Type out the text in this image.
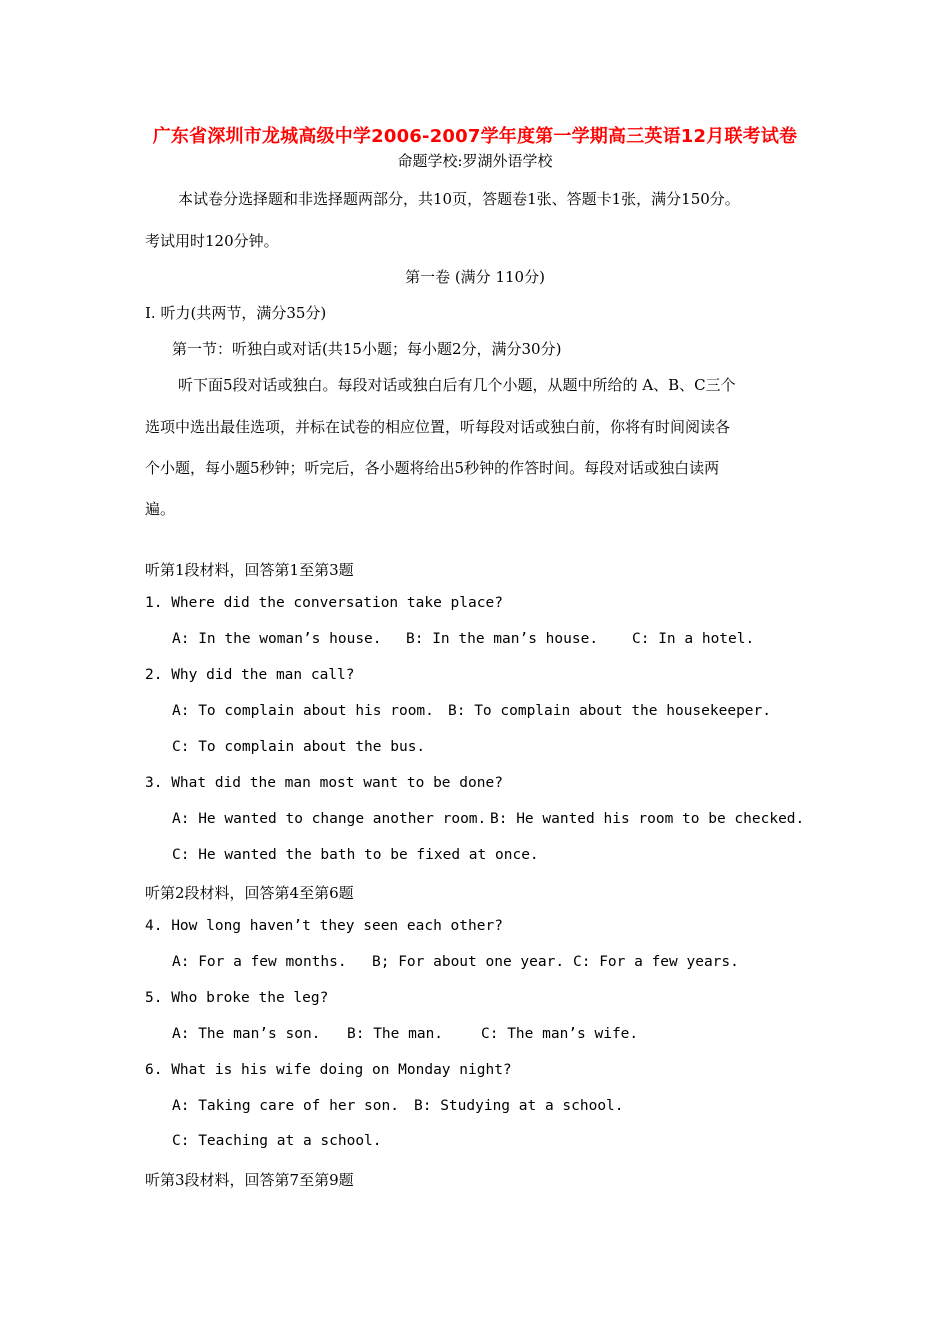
广东省深圳市龙城高级中学2006-2007学年度第一学期高三英语12月联考试卷
命题学校:罗湖外语学校
本试卷分选择题和非选择题两部分，共10页，答题卷1张、答题卡1张，满分150分。
考试用时120分钟。
第一卷 (满分 110分)
Ⅰ. 听力(共两节，满分35分)
第一节：听独白或对话(共15小题；每小题2分，满分30分)
听下面5段对话或独白。每段对话或独白后有几个小题，从题中所给的 A、B、C三个
选项中选出最佳选项，并标在试卷的相应位置，听每段对话或独白前，你将有时间阅读各
个小题，每小题5秒钟；听完后，各小题将给出5秒钟的作答时间。每段对话或独白读两
遍。
听第1段材料，回答第1至第3题
1. Where did the conversation take place?
A: In the woman’s house. B: In the man’s house. C: In a hotel.
2. Why did the man call?
A: To complain about his room. B: To complain about the housekeeper.
C: To complain about the bus.
3. What did the man most want to be done?
A: He wanted to change another room. B: He wanted his room to be checked.
C: He wanted the bath to be fixed at once.
听第2段材料，回答第4至第6题
4. How long haven’t they seen each other?
A: For a few months. B; For about one year. C: For a few years.
5. Who broke the leg?
A: The man’s son. B: The man.	C: The man’s wife.
6. What is his wife doing on Monday night?
A: Taking care of her son. B: Studying at a school.
C: Teaching at a school.
听第3段材料，回答第7至第9题
